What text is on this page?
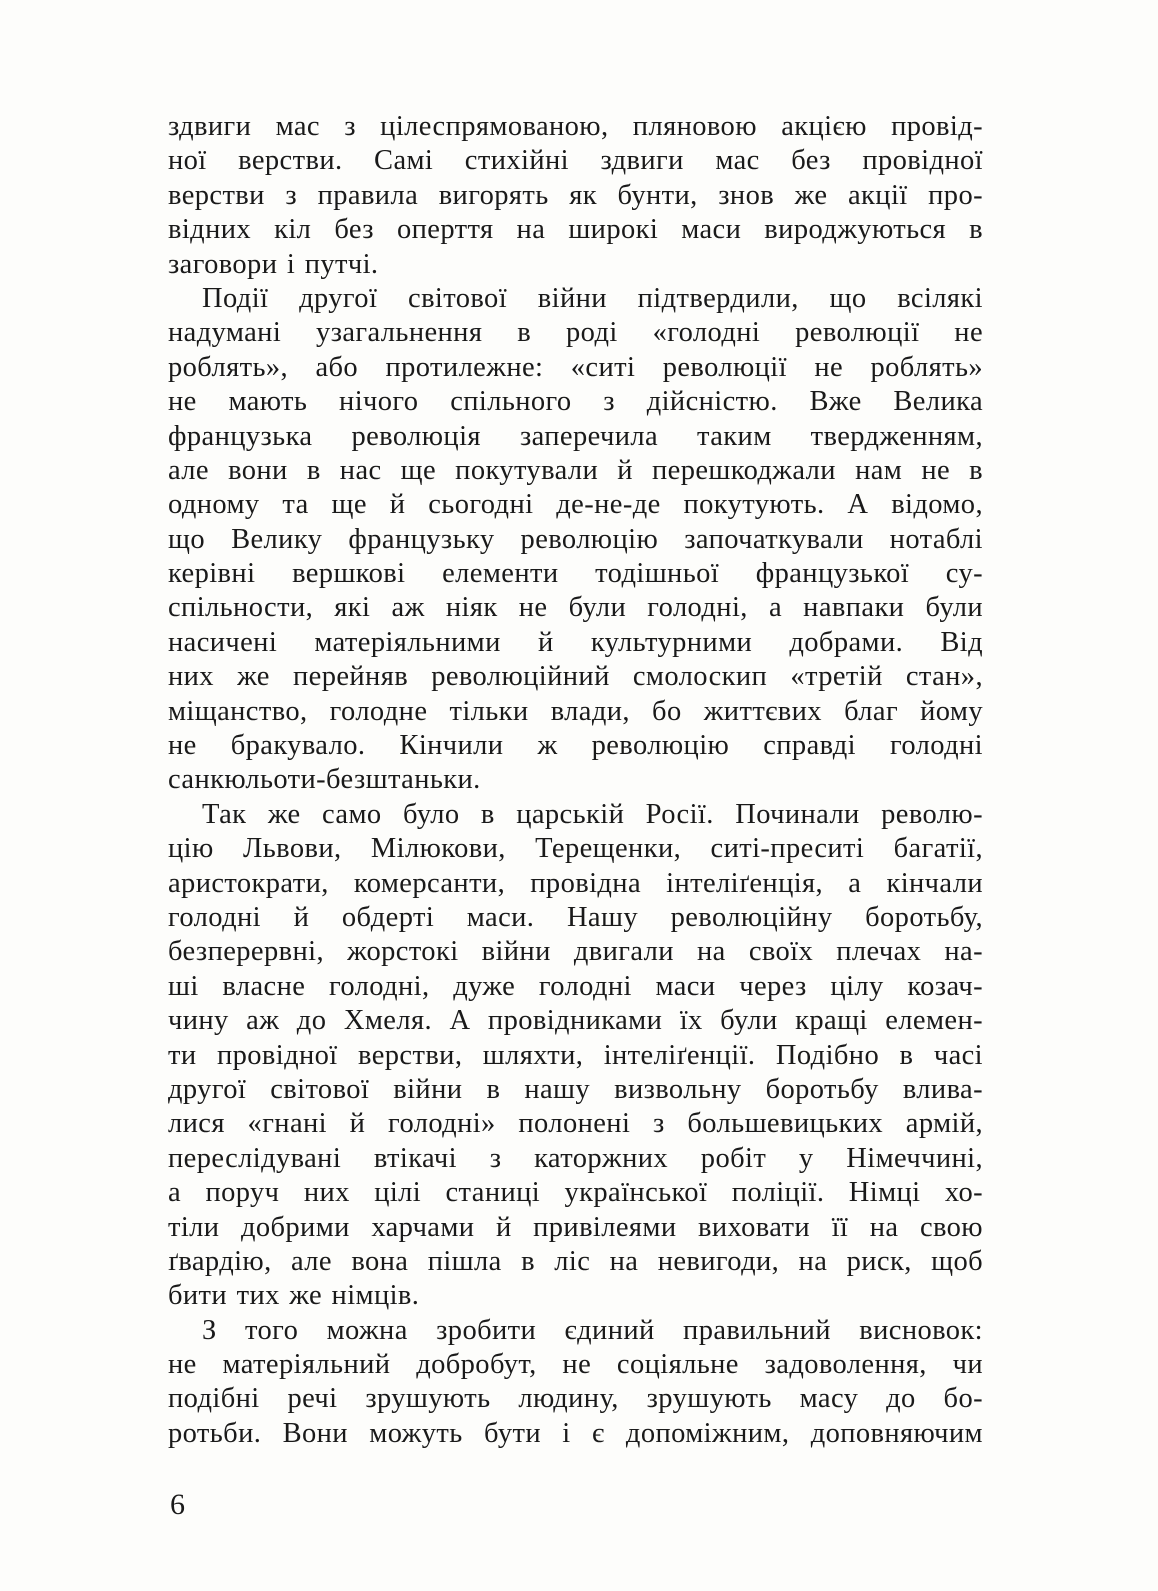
здвиги мас з цілеспрямованою, пляновою акцією провід-
ної верстви. Самі стихійні здвиги мас без провідної
верстви з правила вигорять як бунти, знов же акції про-
відних кіл без оперття на широкі маси вироджуються в
заговори і путчі.
Події другої світової війни підтвердили, що всілякі
надумані узагальнення в роді «голодні революції не
роблять», або протилежне: «ситі революції не роблять»
не мають нічого спільного з дійсністю. Вже Велика
французька революція заперечила таким твердженням,
але вони в нас ще покутували й перешкоджали нам не в
одному та ще й сьогодні де-не-де покутують. А відомо,
що Велику французьку революцію започаткували нотаблі
керівні вершкові елементи тодішньої французької су-
спільности, які аж ніяк не були голодні, а навпаки були
насичені матеріяльними й культурними добрами. Від
них же перейняв революційний смолоскип «третій стан»,
міщанство, голодне тільки влади, бо життєвих благ йому
не бракувало. Кінчили ж революцію справді голодні
санкюльоти-безштаньки.
Так же само було в царській Росії. Починали револю-
цію Львови, Мілюкови, Терещенки, ситі-преситі багатії,
аристократи, комерсанти, провідна інтеліґенція, а кінчали
голодні й обдерті маси. Нашу революційну боротьбу,
безперервні, жорстокі війни двигали на своїх плечах на-
ші власне голодні, дуже голодні маси через цілу козач-
чину аж до Хмеля. А провідниками їх були кращі елемен-
ти провідної верстви, шляхти, інтеліґенції. Подібно в часі
другої світової війни в нашу визвольну боротьбу влива-
лися «гнані й голодні» полонені з большевицьких армій,
переслідувані втікачі з каторжних робіт у Німеччині,
а поруч них цілі станиці української поліції. Німці хо-
тіли добрими харчами й привілеями виховати її на свою
ґвардію, але вона пішла в ліс на невигоди, на риск, щоб
бити тих же німців.
З того можна зробити єдиний правильний висновок:
не матеріяльний добробут, не соціяльне задоволення, чи
подібні речі зрушують людину, зрушують масу до бо-
ротьби. Вони можуть бути і є допоміжним, доповняючим
6
